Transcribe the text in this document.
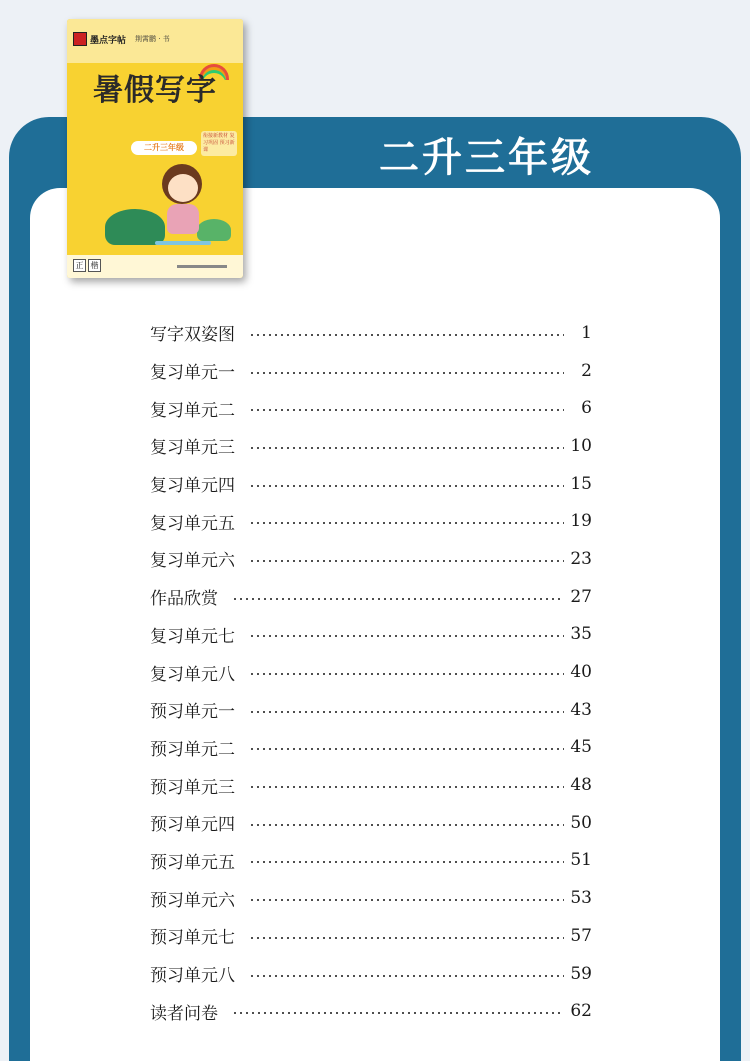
二升三年级
墨点字帖 荆霄鹏 · 书
暑假写字
二升三年级
衔接新教材 复习巩固 预习新课
正 楷
写字双姿图	1
复习单元一	2
复习单元二	6
复习单元三	10
复习单元四	15
复习单元五	19
复习单元六	23
作品欣赏	27
复习单元七	35
复习单元八	40
预习单元一	43
预习单元二	45
预习单元三	48
预习单元四	50
预习单元五	51
预习单元六	53
预习单元七	57
预习单元八	59
读者问卷	62
